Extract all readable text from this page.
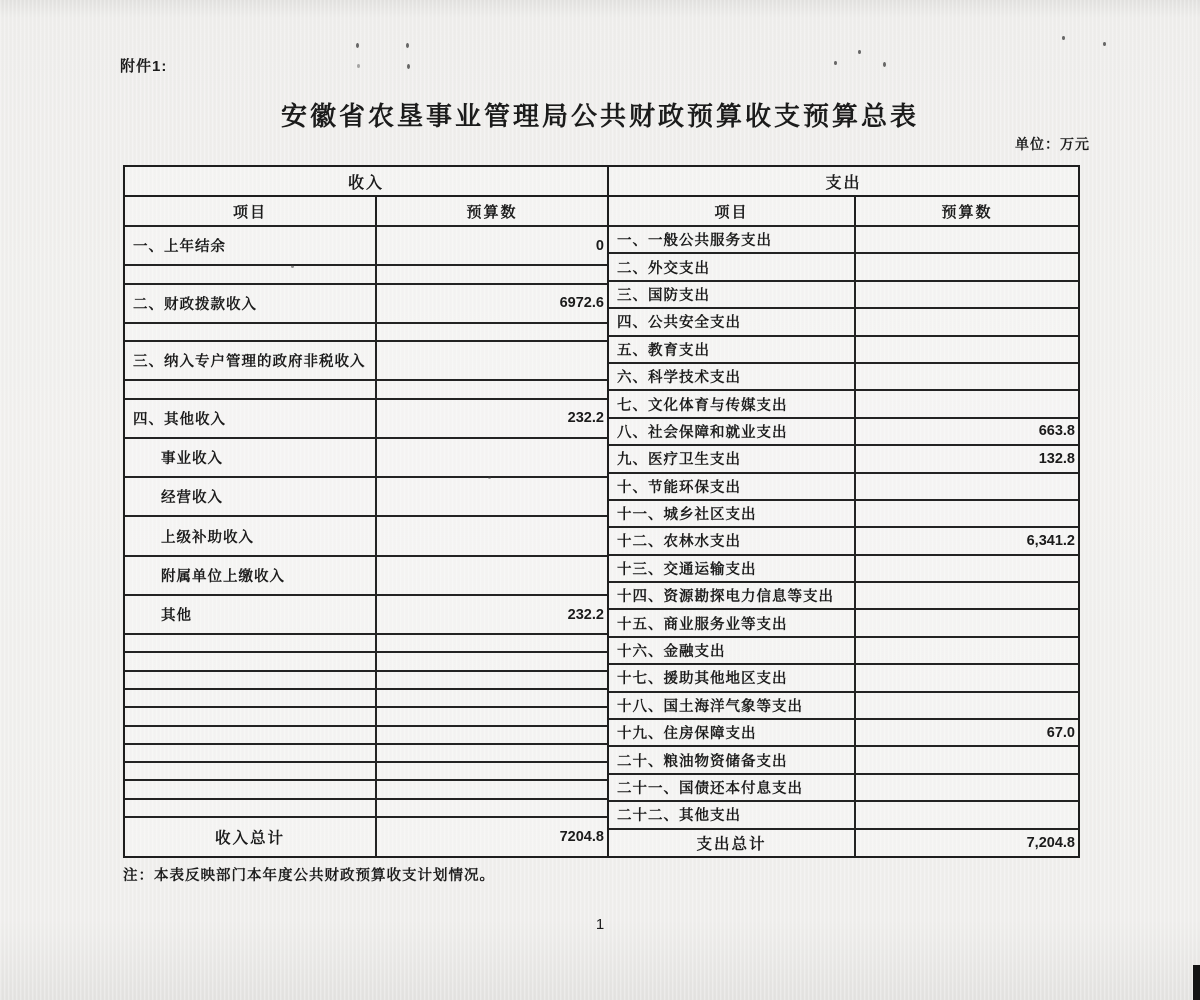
附件1:
安徽省农垦事业管理局公共财政预算收支预算总表
单位：万元
收入
项目	预算数
一、上年结余	0
二、财政拨款收入	6972.6
三、纳入专户管理的政府非税收入
四、其他收入	232.2
事业收入
经营收入
上级补助收入
附属单位上缴收入
其他	232.2
收入总计	7204.8
支出
项目	预算数
一、一般公共服务支出
二、外交支出
三、国防支出
四、公共安全支出
五、教育支出
六、科学技术支出
七、文化体育与传媒支出
八、社会保障和就业支出	663.8
九、医疗卫生支出	132.8
十、节能环保支出
十一、城乡社区支出
十二、农林水支出	6,341.2
十三、交通运输支出
十四、资源勘探电力信息等支出
十五、商业服务业等支出
十六、金融支出
十七、援助其他地区支出
十八、国土海洋气象等支出
十九、住房保障支出	67.0
二十、粮油物资储备支出
二十一、国债还本付息支出
二十二、其他支出
支出总计	7,204.8
注：本表反映部门本年度公共财政预算收支计划情况。
1
